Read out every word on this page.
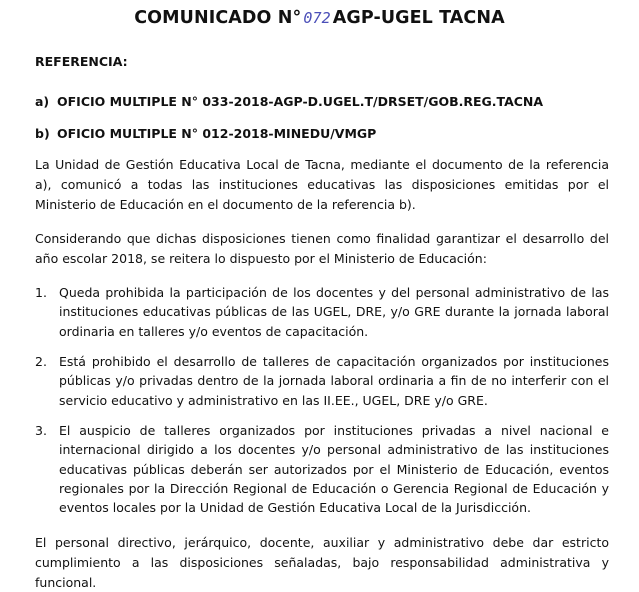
COMUNICADO N° 072 AGP-UGEL TACNA
REFERENCIA:
a) OFICIO MULTIPLE N° 033-2018-AGP-D.UGEL.T/DRSET/GOB.REG.TACNA
b) OFICIO MULTIPLE N° 012-2018-MINEDU/VMGP
La Unidad de Gestión Educativa Local de Tacna, mediante el documento de la referencia a), comunicó a todas las instituciones educativas las disposiciones emitidas por el Ministerio de Educación en el documento de la referencia b).
Considerando que dichas disposiciones tienen como finalidad garantizar el desarrollo del año escolar 2018, se reitera lo dispuesto por el Ministerio de Educación:
1. Queda prohibida la participación de los docentes y del personal administrativo de las instituciones educativas públicas de las UGEL, DRE, y/o GRE durante la jornada laboral ordinaria en talleres y/o eventos de capacitación.
2. Está prohibido el desarrollo de talleres de capacitación organizados por instituciones públicas y/o privadas dentro de la jornada laboral ordinaria a fin de no interferir con el servicio educativo y administrativo en las II.EE., UGEL, DRE y/o GRE.
3. El auspicio de talleres organizados por instituciones privadas a nivel nacional e internacional dirigido a los docentes y/o personal administrativo de las instituciones educativas públicas deberán ser autorizados por el Ministerio de Educación, eventos regionales por la Dirección Regional de Educación o Gerencia Regional de Educación y eventos locales por la Unidad de Gestión Educativa Local de la Jurisdicción.
El personal directivo, jerárquico, docente, auxiliar y administrativo debe dar estricto cumplimiento a las disposiciones señaladas, bajo responsabilidad administrativa y funcional.
